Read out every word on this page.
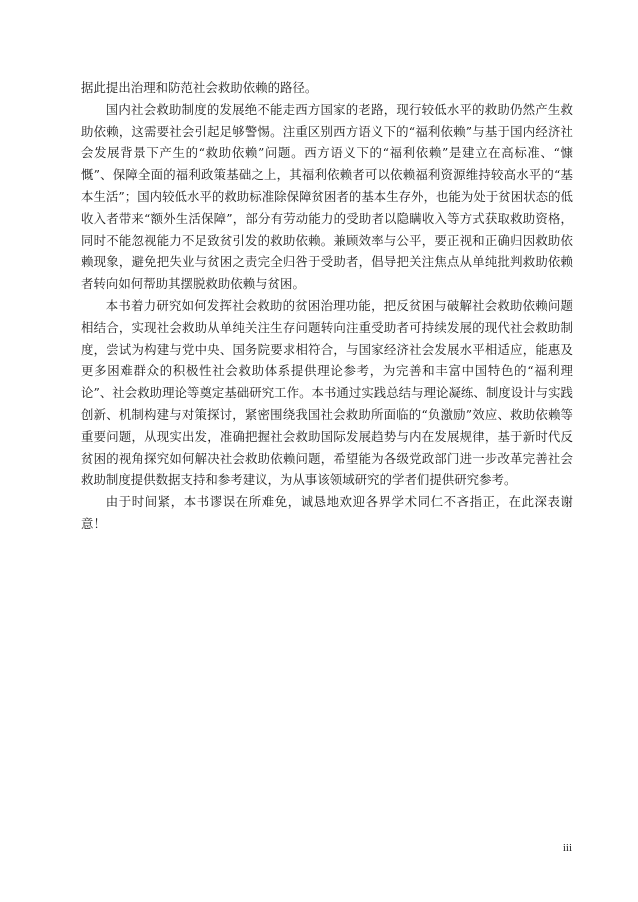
据此提出治理和防范社会救助依赖的路径。

国内社会救助制度的发展绝不能走西方国家的老路，现行较低水平的救助仍然产生救助依赖，这需要社会引起足够警惕。注重区别西方语义下的“福利依赖”与基于国内经济社会发展背景下产生的“救助依赖”问题。西方语义下的“福利依赖”是建立在高标准、“慷慨”、保障全面的福利政策基础之上，其福利依赖者可以依赖福利资源维持较高水平的“基本生活”；国内较低水平的救助标准除保障贫困者的基本生存外，也能为处于贫困状态的低收入者带来“额外生活保障”，部分有劳动能力的受助者以隐瞒收入等方式获取救助资格，同时不能忽视能力不足致贫引发的救助依赖。兼顾效率与公平，要正视和正确归因救助依赖现象，避免把失业与贫困之责完全归咎于受助者，倡导把关注焦点从单纯批判救助依赖者转向如何帮助其摆脱救助依赖与贫困。

本书着力研究如何发挥社会救助的贫困治理功能，把反贫困与破解社会救助依赖问题相结合，实现社会救助从单纯关注生存问题转向注重受助者可持续发展的现代社会救助制度，尝试为构建与党中央、国务院要求相符合，与国家经济社会发展水平相适应，能惠及更多困难群众的积极性社会救助体系提供理论参考，为完善和丰富中国特色的“福利理论”、社会救助理论等奠定基础研究工作。本书通过实践总结与理论凝练、制度设计与实践创新、机制构建与对策探讨，紧密围绕我国社会救助所面临的“负激励”效应、救助依赖等重要问题，从现实出发，准确把握社会救助国际发展趋势与内在发展规律，基于新时代反贫困的视角探究如何解决社会救助依赖问题，希望能为各级党政部门进一步改革完善社会救助制度提供数据支持和参考建议，为从事该领域研究的学者们提供研究参考。

由于时间紧，本书谬误在所难免，诚恳地欢迎各界学术同仁不吝指正，在此深表谢意！

iii
